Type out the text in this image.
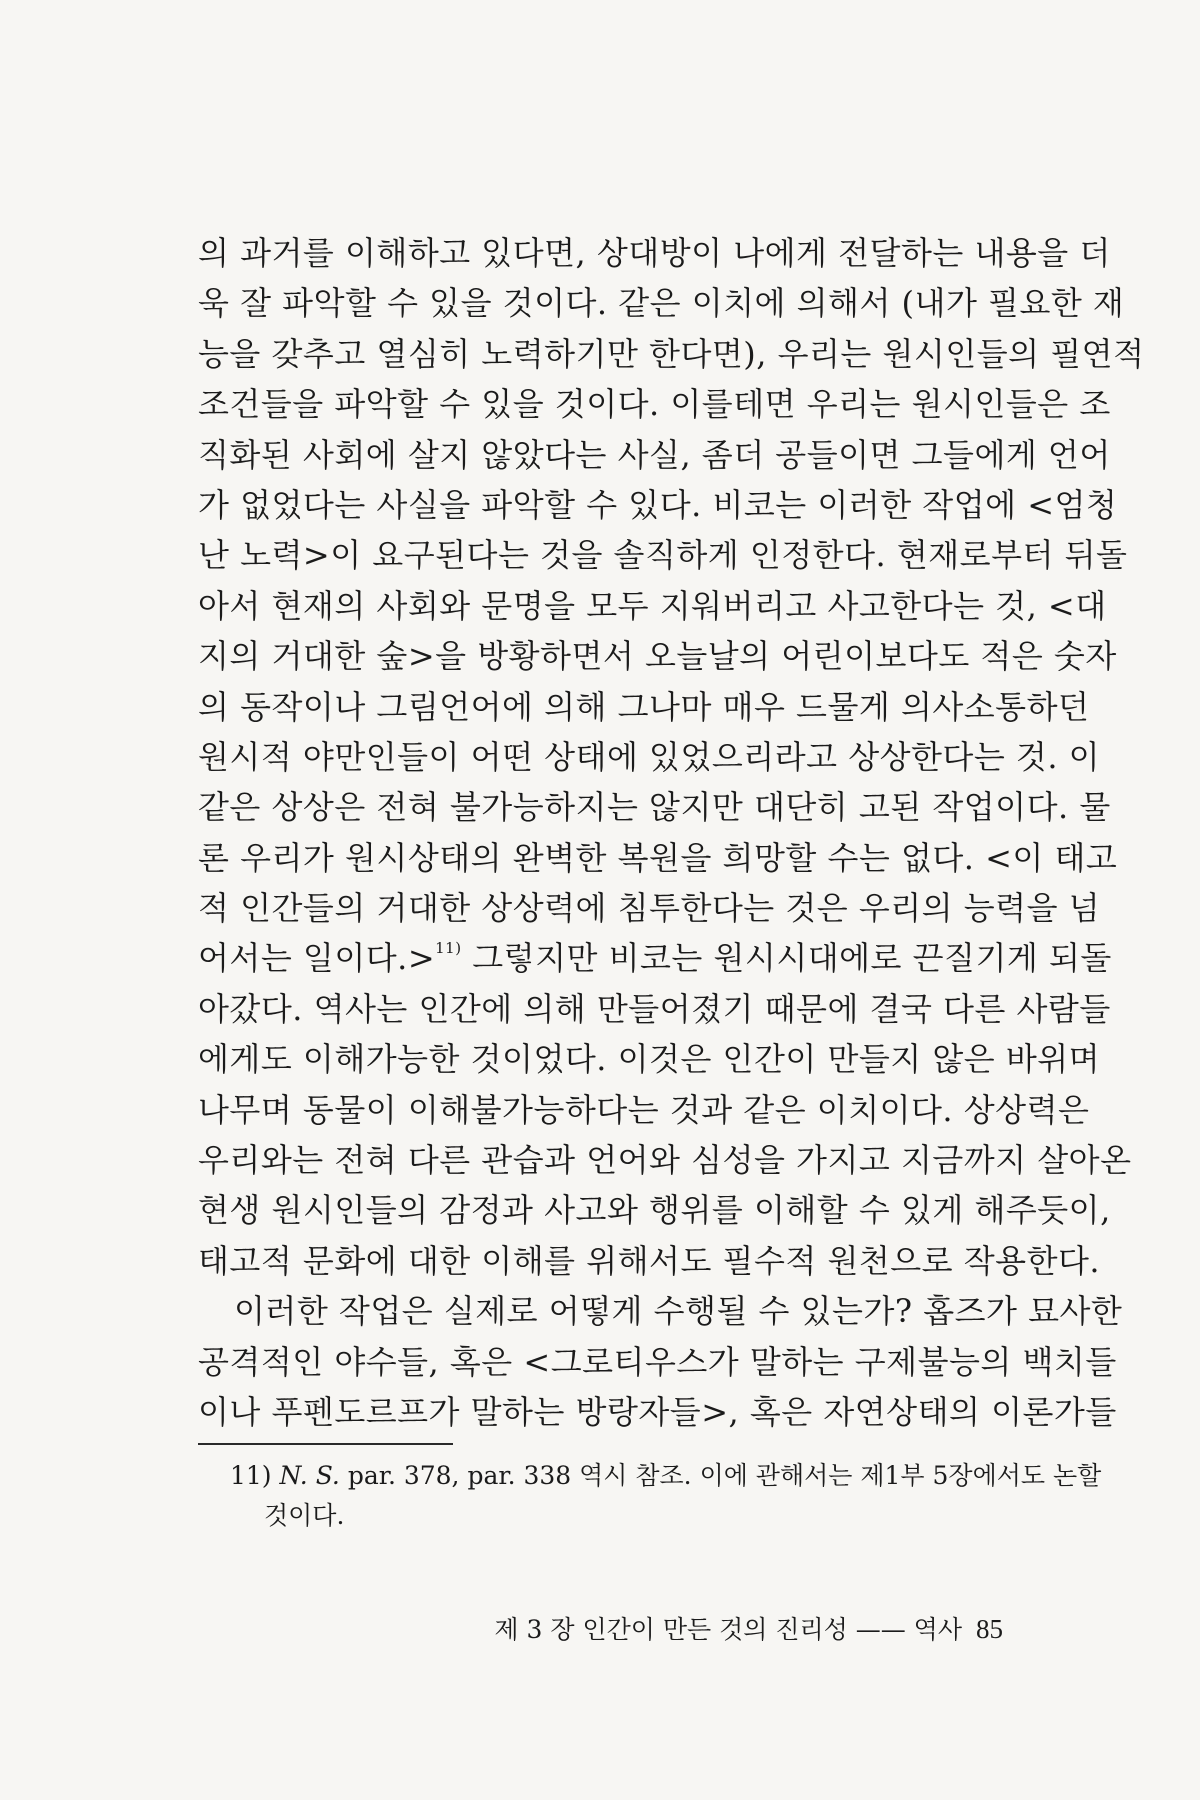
의 과거를 이해하고 있다면, 상대방이 나에게 전달하는 내용을 더
욱 잘 파악할 수 있을 것이다. 같은 이치에 의해서 (내가 필요한 재
능을 갖추고 열심히 노력하기만 한다면), 우리는 원시인들의 필연적
조건들을 파악할 수 있을 것이다. 이를테면 우리는 원시인들은 조
직화된 사회에 살지 않았다는 사실, 좀더 공들이면 그들에게 언어
가 없었다는 사실을 파악할 수 있다. 비코는 이러한 작업에 <엄청
난 노력>이 요구된다는 것을 솔직하게 인정한다. 현재로부터 뒤돌
아서 현재의 사회와 문명을 모두 지워버리고 사고한다는 것, <대
지의 거대한 숲>을 방황하면서 오늘날의 어린이보다도 적은 숫자
의 동작이나 그림언어에 의해 그나마 매우 드물게 의사소통하던
원시적 야만인들이 어떤 상태에 있었으리라고 상상한다는 것. 이
같은 상상은 전혀 불가능하지는 않지만 대단히 고된 작업이다. 물
론 우리가 원시상태의 완벽한 복원을 희망할 수는 없다. <이 태고
적 인간들의 거대한 상상력에 침투한다는 것은 우리의 능력을 넘
어서는 일이다.>$^{11)}$ 그렇지만 비코는 원시시대에로 끈질기게 되돌
아갔다. 역사는 인간에 의해 만들어졌기 때문에 결국 다른 사람들
에게도 이해가능한 것이었다. 이것은 인간이 만들지 않은 바위며
나무며 동물이 이해불가능하다는 것과 같은 이치이다. 상상력은
우리와는 전혀 다른 관습과 언어와 심성을 가지고 지금까지 살아온
현생 원시인들의 감정과 사고와 행위를 이해할 수 있게 해주듯이,
태고적 문화에 대한 이해를 위해서도 필수적 원천으로 작용한다.
이러한 작업은 실제로 어떻게 수행될 수 있는가? 홉즈가 묘사한
공격적인 야수들, 혹은 <그로티우스가 말하는 구제불능의 백치들
이나 푸펜도르프가 말하는 방랑자들>, 혹은 자연상태의 이론가들
11) N. S. par. 378, par. 338 역시 참조. 이에 관해서는 제1부 5장에서도 논할
것이다.
제 3 장 인간이 만든 것의 진리성 —— 역사 85
